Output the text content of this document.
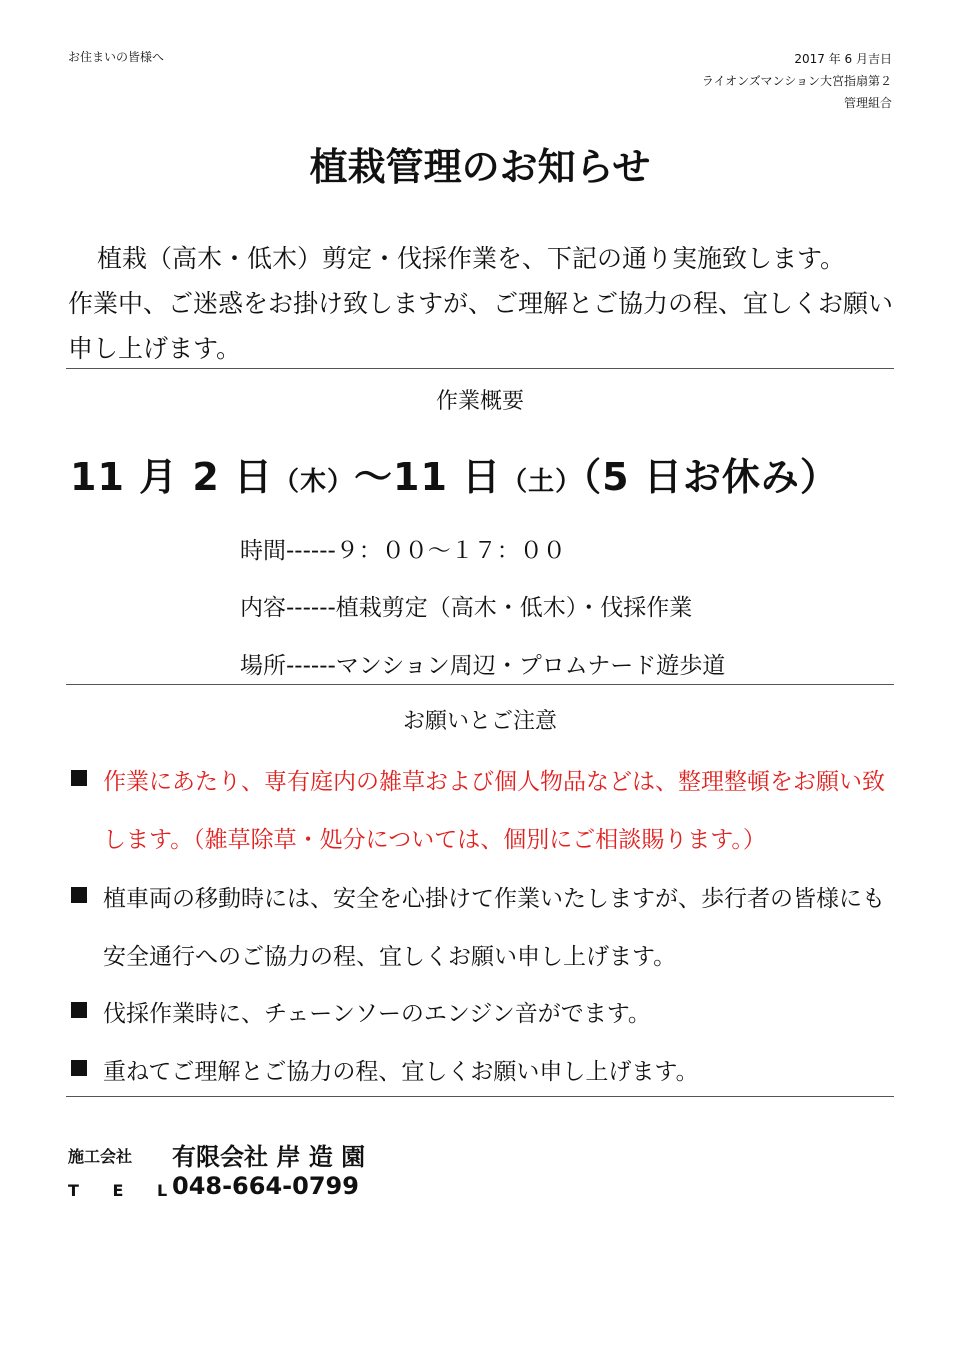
お住まいの皆様へ	2017 年 6 月吉日
ライオンズマンション大宮指扇第２
管理組合
植栽管理のお知らせ
植栽（高木・低木）剪定・伐採作業を、下記の通り実施致します。
作業中、ご迷惑をお掛け致しますが、ご理解とご協力の程、宜しくお願い
申し上げます。
作業概要
11 月 2 日（木）～11 日（土）（5 日お休み）
時間------９：００～１７：００
内容------植栽剪定（高木・低木）・伐採作業
場所------マンション周辺・プロムナード遊歩道
お願いとご注意
作業にあたり、専有庭内の雑草および個人物品などは、整理整頓をお願い致
します。（雑草除草・処分については、個別にご相談賜ります。）
植車両の移動時には、安全を心掛けて作業いたしますが、歩行者の皆様にも
安全通行へのご協力の程、宜しくお願い申し上げます。
伐採作業時に、チェーンソーのエンジン音がでます。
重ねてご理解とご協力の程、宜しくお願い申し上げます。
施工会社 有限会社 岸 造 園
T E L
048-664-0799
